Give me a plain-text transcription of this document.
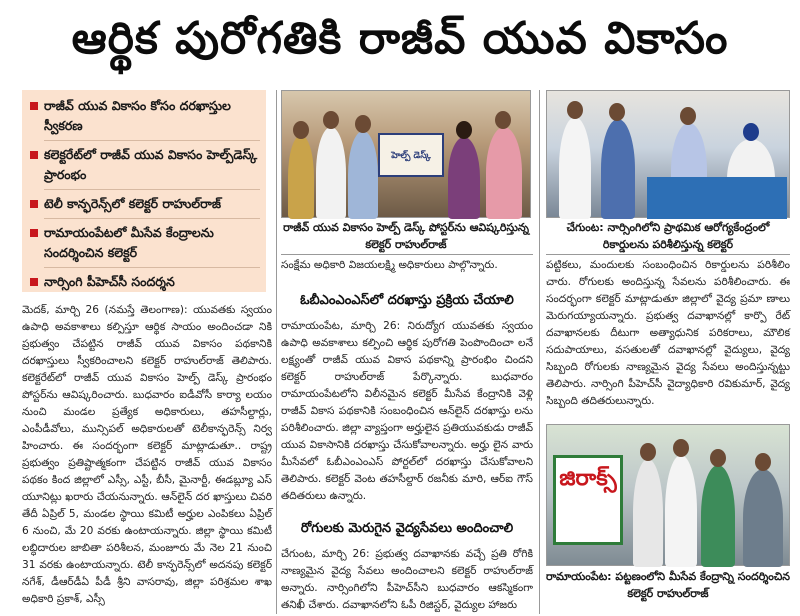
ఆర్థిక పురోగతికి రాజీవ్ యువ వికాసం
రాజీవ్ యువ వికాసం కోసం దరఖాస్తుల స్వీకరణ
కలెక్టరేట్‌లో రాజీవ్ యువ వికాసం హెల్ప్‌డెస్క్ ప్రారంభం
టెలీ కాన్ఫరెన్స్‌లో కలెక్టర్ రాహుల్‌రాజ్
రామాయంపేటలో మీసేవ కేంద్రాలను సందర్శించిన కలెక్టర్
నార్సింగి పీహెచ్‌సీ సందర్శన
హెల్ప్ డెస్క్
రాజీవ్ యువ వికాసం హెల్ప్ డెస్క్ పోస్టర్‌ను ఆవిష్కరిస్తున్న కలెక్టర్ రాహుల్‌రాజ్
చేగుంట: నార్సింగిలోని ప్రాథమిక ఆరోగ్యకేంద్రంలో రికార్డులను పరిశీలిస్తున్న కలెక్టర్
జిరాక్స్
రామాయంపేట: పట్టణంలోని మీసేవ కేంద్రాన్ని సందర్శించిన కలెక్టర్ రాహుల్‌రాజ్
మెదక్, మార్చి 26 (నమస్తే తెలంగాణ): యువతకు స్వయం ఉపాధి అవకాశాలు కల్పిస్తూ ఆర్థిక సాయం అందించడా నికి ప్రభుత్వం చేపట్టిన రాజీవ్ యువ వికాసం పథకానికి దరఖాస్తులు స్వీకరించాలని కలెక్టర్ రాహుల్‌రాజ్ తెలిపారు. కలెక్టరేట్‌లో రాజీవ్ యువ వికాసం హెల్ప్ డెస్క్ ప్రారంభం పోస్టర్‌ను ఆవిష్కరించారు. బుధవారం ఐడీవోసీ కార్యా లయం నుంచి మండల ప్రత్యేక అధికారులు, తహసీల్దార్లు, ఎంపీడీవోలు, మున్సిపల్ అధికారులతో టెలీకాన్ఫరెన్స్ నిర్వ హించారు. ఈ సందర్భంగా కలెక్టర్ మాట్లాడుతూ.. రాష్ట్ర ప్రభుత్వం ప్రతిష్టాత్మకంగా చేపట్టిన రాజీవ్ యువ వికాసం పథకం కింద జిల్లాలో ఎస్సీ, ఎస్టీ, బీసీ, మైనార్టీ, ఈడబ్ల్యూ ఎస్ యూనిట్లు ఖరారు చేయనున్నారు. ఆన్‌లైన్ దర ఖాస్తులు చివరి తేదీ ఏప్రిల్ 5, మండల స్థాయి కమిటీ అర్హుల ఎంపికలు ఏప్రిల్ 6 నుంచి, మే 20 వరకు ఉంటాయన్నారు. జిల్లా స్థాయి కమిటీ లబ్ధిదారుల జాబితా పరిశీలన, మంజూరు మే నెల 21 నుంచి 31 వరకు ఉంటాయన్నారు. టెలీ కాన్ఫరెన్స్‌లో అదనపు కలెక్టర్ నగేశ్, డీఆర్‌డీఏ పీడీ శ్రీని వాసరావు, జిల్లా పరిశ్రమల శాఖ అధికారి ప్రకాశ్, ఎస్సీ
సంక్షేమ అధికారి విజయలక్ష్మి అధికారులు పాల్గొన్నారు.
ఓబీఎంఎంఎస్‌లో దరఖాస్తు ప్రక్రియ చేయాలి
రామాయంపేట, మార్చి 26: నిరుద్యోగ యువతకు స్వయం ఉపాధి అవకాశాలు కల్పించి ఆర్థిక పురోగతి పెంపొందించా లనే లక్ష్యంతో రాజీవ్ యువ వికాస పథకాన్ని ప్రారంభిం చిందని కలెక్టర్ రాహుల్‌రాజ్ పేర్కొన్నారు. బుధవారం రామాయంపేటలోని విలీనమైన కలెక్టర్ మీసేవ కేంద్రానికి వెళ్లి రాజీవ్ వికాస పథకానికి సంబంధించిన ఆన్‌లైన్ దరఖాస్తు లను పరిశీలించారు. జిల్లా వ్యాప్తంగా అర్హులైన ప్రతియువకుడు రాజీవ్ యువ వికాసానికి దరఖాస్తు చేసుకోవాలన్నారు. అర్హు లైన వారు మీసేవలో ఓబీఎంఎంఎస్ పోర్టల్‌లో దరఖాస్తు చేసుకోవాలని తెలిపారు. కలెక్టర్ వెంట తహసీల్దార్ రజనీకు మారి, ఆర్ఐ గౌస్ తదితరులు ఉన్నారు.
రోగులకు మెరుగైన వైద్యసేవలు అందించాలి
చేగుంట, మార్చి 26: ప్రభుత్వ దవాఖానకు వచ్చే ప్రతి రోగికి నాణ్యమైన వైద్య సేవలు అందించాలని కలెక్టర్ రాహుల్‌రాజ్ అన్నారు. నార్సింగిలోని పీహెచ్‌సీని బుధవారం ఆకస్మికంగా తనిఖీ చేశారు. దవాఖానలోని ఓపీ రిజిస్టర్, వైద్యుల హాజరు
పట్టికలు, మందులకు సంబంధించిన రికార్డులను పరిశీలిం చారు. రోగులకు అందిస్తున్న సేవలను పరిశీలించారు. ఈ సందర్భంగా కలెక్టర్ మాట్లాడుతూ జిల్లాలో వైద్య ప్రమా ణాలు మెరుగయ్యాయన్నారు. ప్రభుత్వ దవాఖానల్లో కార్పొ రేట్ దవాఖానలకు దీటుగా అత్యాధునిక పరికరాలు, మౌలిక సదుపాయాలు, వసతులతో దవాఖానల్లో వైద్యులు, వైద్య సిబ్బంది రోగులకు నాణ్యమైన వైద్య సేవలు అందిస్తున్నట్టు తెలిపారు. నార్సింగి పీహెచ్‌సీ వైద్యాధికారి రవికుమార్, వైద్య సిబ్బంది తదితరులున్నారు.
